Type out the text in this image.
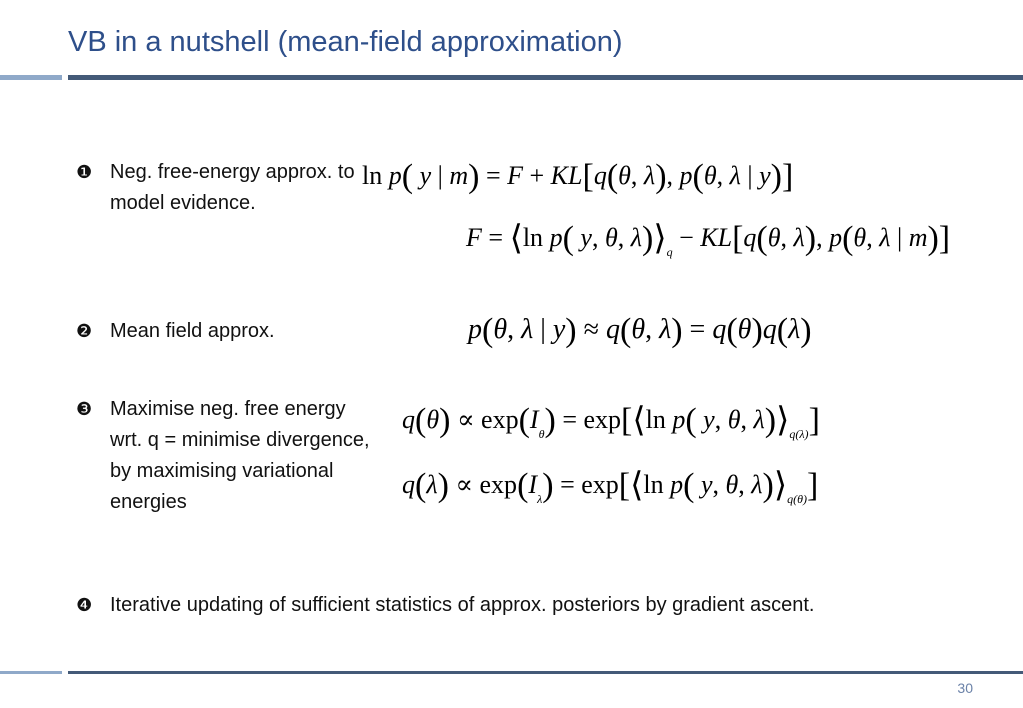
VB in a nutshell (mean-field approximation)
❶ Neg. free-energy approx. to model evidence.
ln p( y | m) = F + KL[q(θ, λ), p(θ, λ | y)]
F = ⟨ln p( y, θ, $\lambda)⟩_q - KL[q(\theta$, λ), p(θ, λ | m)]
❷ Mean field approx.	p(θ, λ | y) ≈ q(θ, λ) = q(θ)q(λ)
❸ Maximise neg. free energy wrt. q = minimise divergence, by maximising variational energies
$q(\theta) \propto \exp(I_\theta)$ = exp[⟨ln p( y, θ, $\lambda)⟩_{q(\lambda)}$]
$q(\lambda) \propto \exp(I_\lambda)$ = exp[⟨ln p( y, θ, $\lambda)⟩_{q(\theta)}$]
❹ Iterative updating of sufficient statistics of approx. posteriors by gradient ascent.
30
